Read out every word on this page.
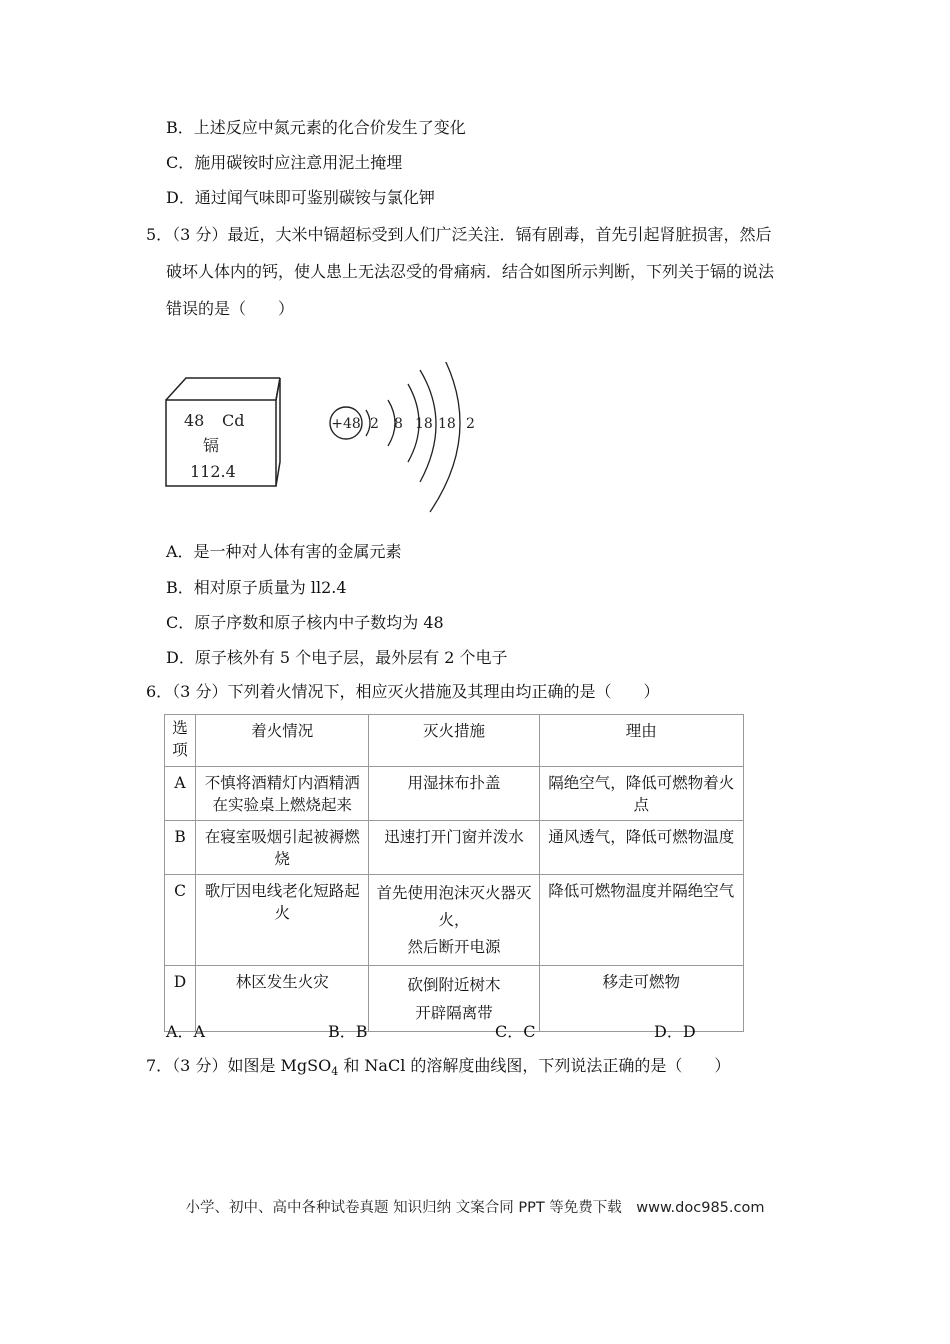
B．上述反应中氮元素的化合价发生了变化
C．施用碳铵时应注意用泥土掩埋
D．通过闻气味即可鉴别碳铵与氯化钾
5．（3 分）最近，大米中镉超标受到人们广泛关注．镉有剧毒，首先引起肾脏损害，然后
破坏人体内的钙，使人患上无法忍受的骨痛病．结合如图所示判断，下列关于镉的说法
错误的是（　　）
48 Cd
镉
112.4
+48 2 8 18 18 2
A．是一种对人体有害的金属元素
B．相对原子质量为 ll2.4
C．原子序数和原子核内中子数均为 48
D．原子核外有 5 个电子层，最外层有 2 个电子
6．（3 分）下列着火情况下，相应灭火措施及其理由均正确的是（　　）
选项	着火情况	灭火措施	理由
A	不慎将酒精灯内酒精洒在实验桌上燃烧起来	用湿抹布扑盖	隔绝空气，降低可燃物着火点
B	在寝室吸烟引起被褥燃烧	迅速打开门窗并泼水	通风透气，降低可燃物温度
C	歌厅因电线老化短路起火	首先使用泡沫灭火器灭火，
然后断开电源	降低可燃物温度并隔绝空气
D	林区发生火灾	砍倒附近树木
开辟隔离带	移走可燃物
A．A	B．B	C．C	D．D
7．（3 分）如图是 MgSO$_4$ 和 NaCl 的溶解度曲线图，下列说法正确的是（　　）
小学、初中、高中各种试卷真题 知识归纳 文案合同 PPT 等免费下载　www.doc985.com
